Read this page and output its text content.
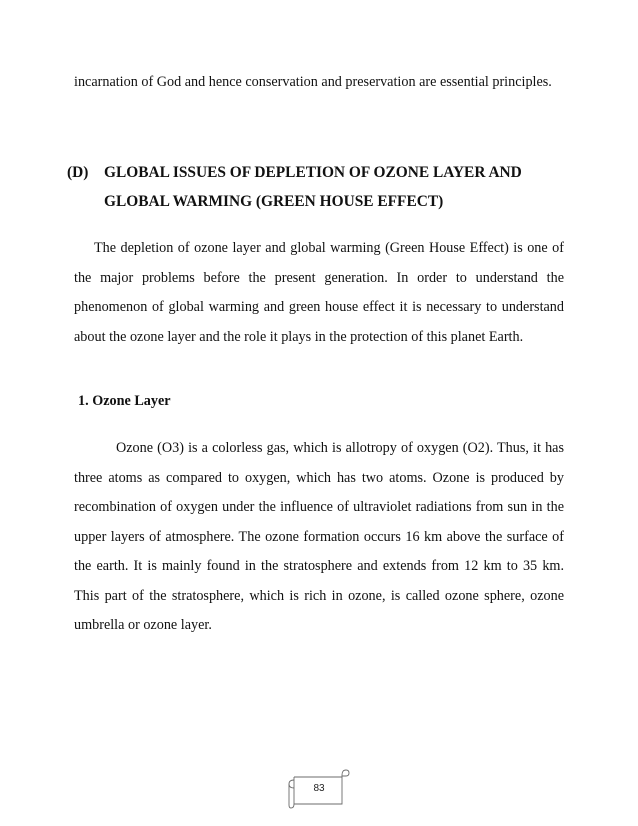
incarnation of God and hence conservation and preservation are essential principles.

(D) GLOBAL ISSUES OF DEPLETION OF OZONE LAYER AND
GLOBAL WARMING (GREEN HOUSE EFFECT)

The depletion of ozone layer and global warming (Green House Effect) is one of the major problems before the present generation. In order to understand the phenomenon of global warming and green house effect it is necessary to understand about the ozone layer and the role it plays in the protection of this planet Earth.

1. Ozone Layer

Ozone (O3) is a colorless gas, which is allotropy of oxygen (O2). Thus, it has three atoms as compared to oxygen, which has two atoms. Ozone is produced by recombination of oxygen under the influence of ultraviolet radiations from sun in the upper layers of atmosphere. The ozone formation occurs 16 km above the surface of the earth. It is mainly found in the stratosphere and extends from 12 km to 35 km. This part of the stratosphere, which is rich in ozone, is called ozone sphere, ozone umbrella or ozone layer.

83
